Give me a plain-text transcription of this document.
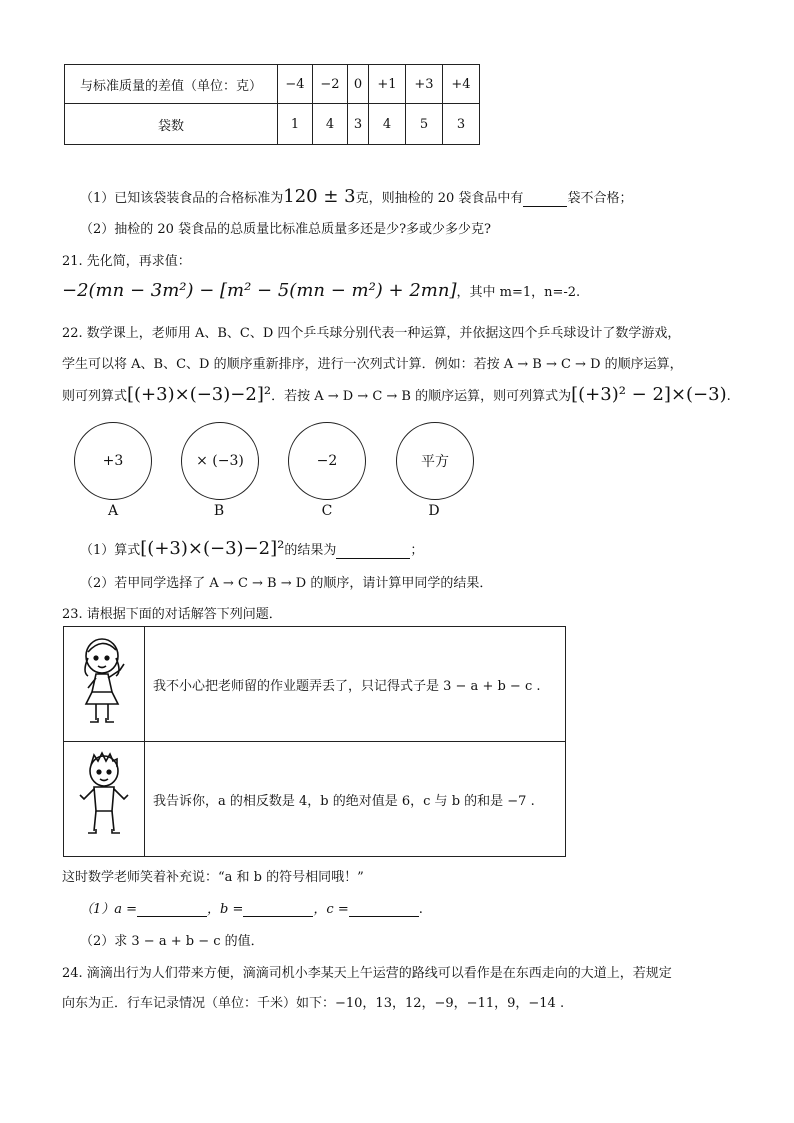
与标准质量的差值（单位：克）	−4	−2	0	+1	+3	+4
袋数	1	4	3	4	5	3
（1）已知该袋装食品的合格标准为120 ± 3克，则抽检的 20 袋食品中有	袋不合格；
（2）抽检的 20 袋食品的总质量比标准总质量多还是少?多或少多少克?
21. 先化简，再求值：
−2(mn − 3m²) − [m² − 5(mn − m²) + 2mn]，其中 m=1，n=-2.
22. 数学课上，老师用 A、B、C、D 四个乒乓球分别代表一种运算，并依据这四个乒乓球设计了数学游戏，
学生可以将 A、B、C、D 的顺序重新排序，进行一次列式计算．例如：若按 A → B → C → D 的顺序运算，
则可列算式[(+3)×(−3)−2]²．若按 A → D → C → B 的顺序运算，则可列算式为[(+3)² − 2]×(−3).
+3	× (−3)	−2	平方
A	B	C	D
（1）算式[(+3)×(−3)−2]²的结果为	；
（2）若甲同学选择了 A → C → B → D 的顺序，请计算甲同学的结果．
23. 请根据下面的对话解答下列问题．
	我不小心把老师留的作业题弄丢了，只记得式子是 3 − a + b − c .
	我告诉你，a 的相反数是 4，b 的绝对值是 6，c 与 b 的和是 −7 .
这时数学老师笑着补充说：“a 和 b 的符号相同哦！”
（1）a =	，b =	，c =	.
（2）求 3 − a + b − c 的值．
24. 滴滴出行为人们带来方便，滴滴司机小李某天上午运营的路线可以看作是在东西走向的大道上，若规定
向东为正．行车记录情况（单位：千米）如下：−10，13，12，−9，−11，9，−14 .
